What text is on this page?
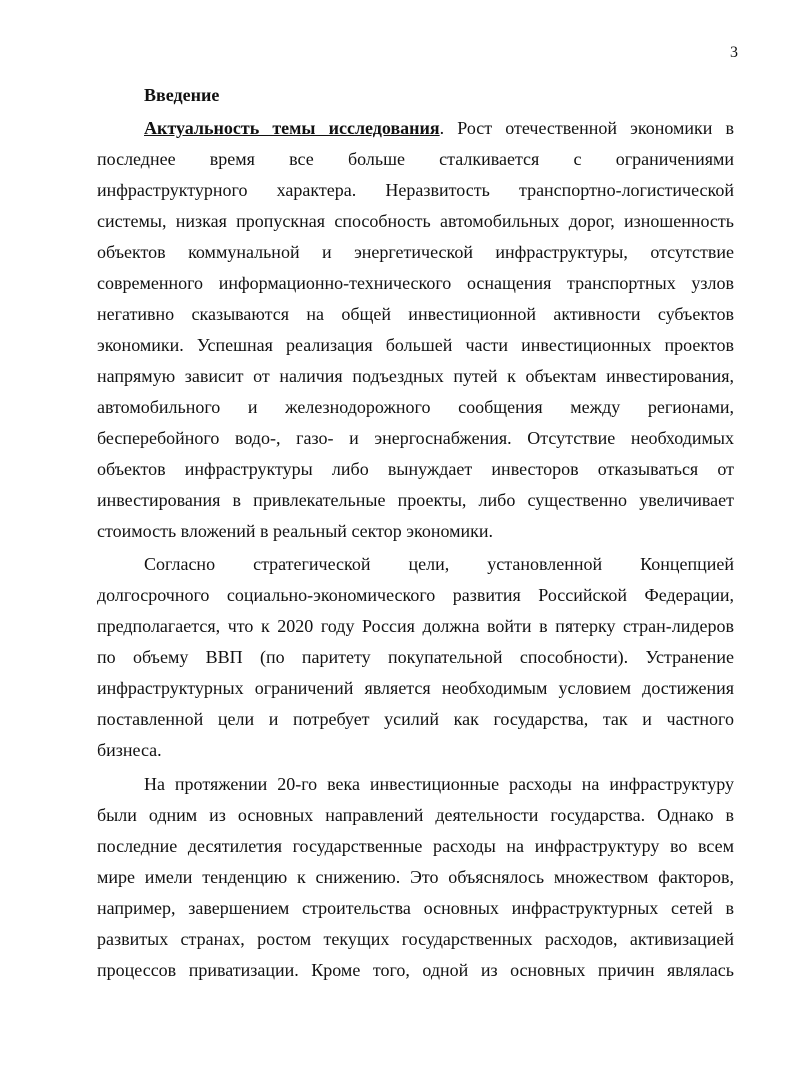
3
Введение
Актуальность темы исследования. Рост отечественной экономики в
последнее время все больше сталкивается с ограничениями
инфраструктурного характера. Неразвитость транспортно-логистической
системы, низкая пропускная способность автомобильных дорог, изношенность
объектов коммунальной и энергетической инфраструктуры, отсутствие
современного информационно-технического оснащения транспортных узлов
негативно сказываются на общей инвестиционной активности субъектов
экономики. Успешная реализация большей части инвестиционных проектов
напрямую зависит от наличия подъездных путей к объектам инвестирования,
автомобильного и железнодорожного сообщения между регионами,
бесперебойного водо-, газо- и энергоснабжения. Отсутствие необходимых
объектов инфраструктуры либо вынуждает инвесторов отказываться от
инвестирования в привлекательные проекты, либо существенно увеличивает
стоимость вложений в реальный сектор экономики.
Согласно стратегической цели, установленной Концепцией
долгосрочного социально-экономического развития Российской Федерации,
предполагается, что к 2020 году Россия должна войти в пятерку стран-лидеров
по объему ВВП (по паритету покупательной способности). Устранение
инфраструктурных ограничений является необходимым условием достижения
поставленной цели и потребует усилий как государства, так и частного
бизнеса.
На протяжении 20-го века инвестиционные расходы на инфраструктуру
были одним из основных направлений деятельности государства. Однако в
последние десятилетия государственные расходы на инфраструктуру во всем
мире имели тенденцию к снижению. Это объяснялось множеством факторов,
например, завершением строительства основных инфраструктурных сетей в
развитых странах, ростом текущих государственных расходов, активизацией
процессов приватизации. Кроме того, одной из основных причин являлась
